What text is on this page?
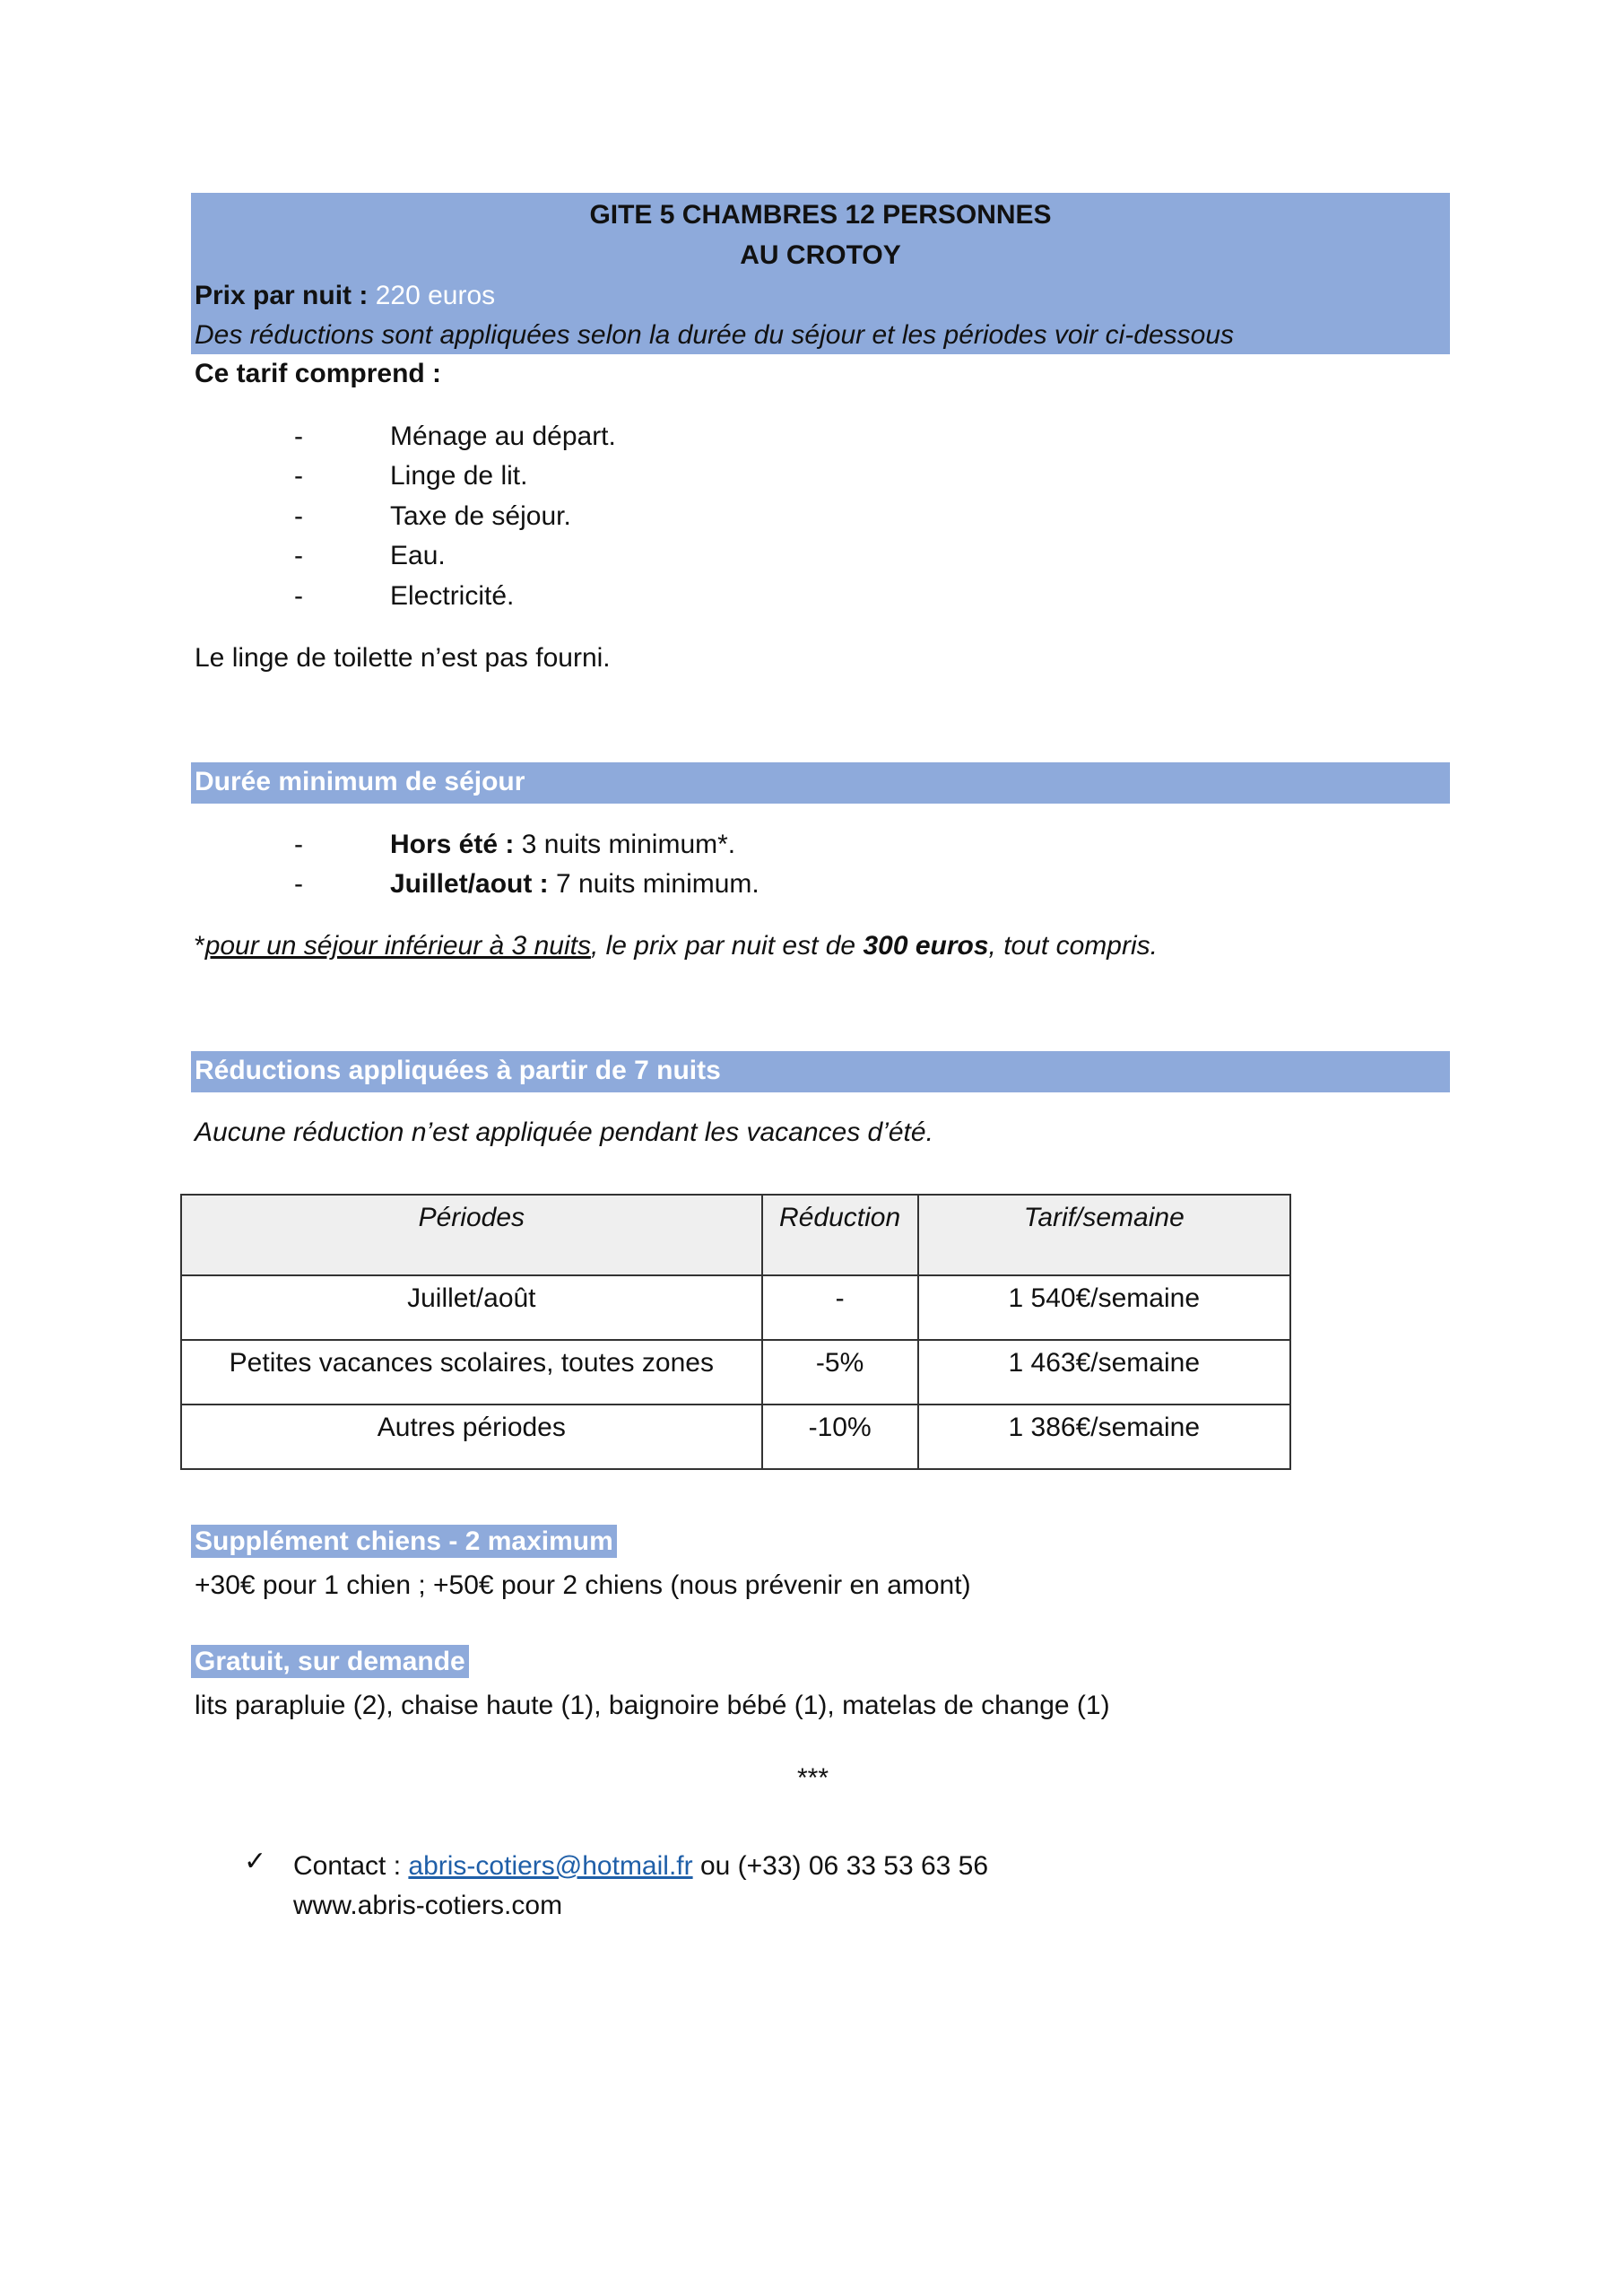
GITE 5 CHAMBRES 12 PERSONNES
AU CROTOY
Prix par nuit : 220 euros
Des réductions sont appliquées selon la durée du séjour et les périodes voir ci-dessous
Ce tarif comprend :
-	Ménage au départ.
-	Linge de lit.
-	Taxe de séjour.
-	Eau.
-	Electricité.
Le linge de toilette n’est pas fourni.
Durée minimum de séjour
-	Hors été : 3 nuits minimum*.
-	Juillet/aout : 7 nuits minimum.
*pour un séjour inférieur à 3 nuits, le prix par nuit est de 300 euros, tout compris.
Réductions appliquées à partir de 7 nuits
Aucune réduction n’est appliquée pendant les vacances d’été.
Périodes	Réduction	Tarif/semaine
Juillet/août	-	1 540€/semaine
Petites vacances scolaires, toutes zones	-5%	1 463€/semaine
Autres périodes	-10%	1 386€/semaine
Supplément chiens - 2 maximum
+30€ pour 1 chien ; +50€ pour 2 chiens (nous prévenir en amont)
Gratuit, sur demande
lits parapluie (2), chaise haute (1), baignoire bébé (1), matelas de change (1)
***
✓ Contact : abris-cotiers@hotmail.fr ou (+33) 06 33 53 63 56
www.abris-cotiers.com
